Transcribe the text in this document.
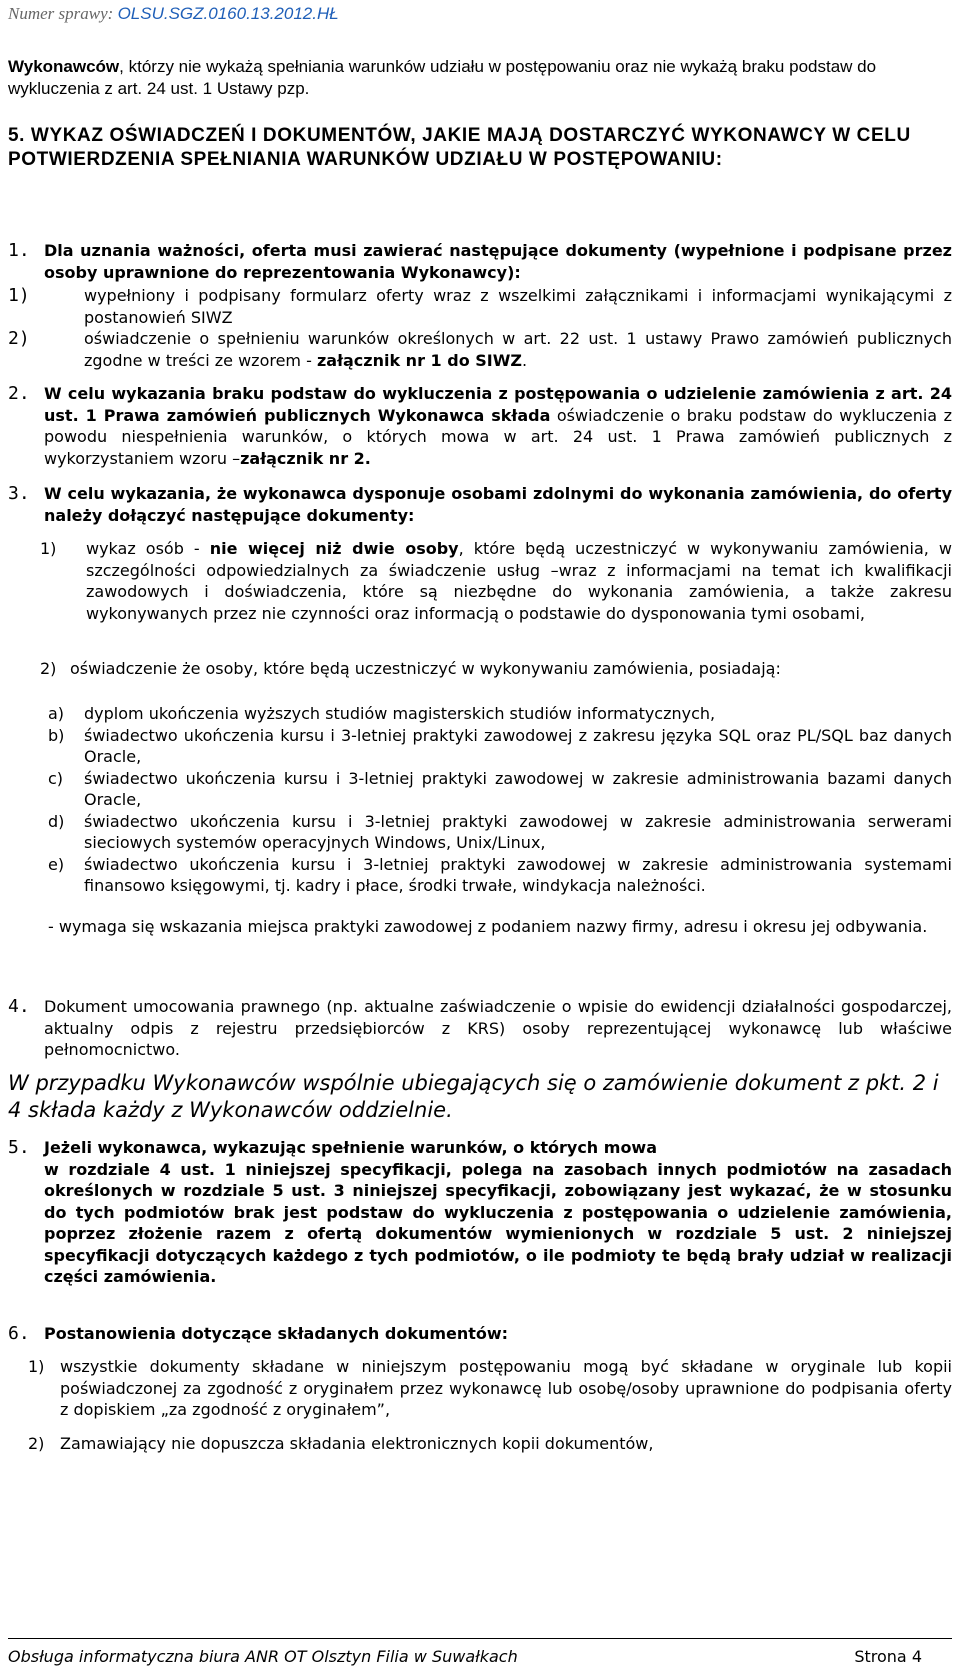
Numer sprawy: OLSU.SGZ.0160.13.2012.HŁ
Wykonawców, którzy nie wykażą spełniania warunków udziału w postępowaniu oraz nie wykażą braku podstaw do wykluczenia z art. 24 ust. 1 Ustawy pzp.
5. WYKAZ OŚWIADCZEŃ I DOKUMENTÓW, JAKIE MAJĄ DOSTARCZYĆ WYKONAWCY W CELU POTWIERDZENIA SPEŁNIANIA WARUNKÓW UDZIAŁU W POSTĘPOWANIU:
1. Dla uznania ważności, oferta musi zawierać następujące dokumenty (wypełnione i podpisane przez osoby uprawnione do reprezentowania Wykonawcy):
1)	wypełniony i podpisany formularz oferty wraz z wszelkimi załącznikami i informacjami wynikającymi z postanowień SIWZ
2)	oświadczenie o spełnieniu warunków określonych w art. 22 ust. 1 ustawy Prawo zamówień publicznych zgodne w treści ze wzorem - załącznik nr 1 do SIWZ.
2. W celu wykazania braku podstaw do wykluczenia z postępowania o udzielenie zamówienia z art. 24 ust. 1 Prawa zamówień publicznych Wykonawca składa oświadczenie o braku podstaw do wykluczenia z powodu niespełnienia warunków, o których mowa w art. 24 ust. 1 Prawa zamówień publicznych z wykorzystaniem wzoru –załącznik nr 2.
3. W celu wykazania, że wykonawca dysponuje osobami zdolnymi do wykonania zamówienia, do oferty należy dołączyć następujące dokumenty:
1) wykaz osób - nie więcej niż dwie osoby, które będą uczestniczyć w wykonywaniu zamówienia, w szczególności odpowiedzialnych za świadczenie usług –wraz z informacjami na temat ich kwalifikacji zawodowych i doświadczenia, które są niezbędne do wykonania zamówienia, a także zakresu wykonywanych przez nie czynności oraz informacją o podstawie do dysponowania tymi osobami,
2) oświadczenie że osoby, które będą uczestniczyć w wykonywaniu zamówienia, posiadają:
a) dyplom ukończenia wyższych studiów magisterskich studiów informatycznych,
b) świadectwo ukończenia kursu i 3-letniej praktyki zawodowej z zakresu języka SQL oraz PL/SQL baz danych Oracle,
c) świadectwo ukończenia kursu i 3-letniej praktyki zawodowej w zakresie administrowania bazami danych Oracle,
d) świadectwo ukończenia kursu i 3-letniej praktyki zawodowej w zakresie administrowania serwerami sieciowych systemów operacyjnych Windows, Unix/Linux,
e) świadectwo ukończenia kursu i 3-letniej praktyki zawodowej w zakresie administrowania systemami finansowo księgowymi, tj. kadry i płace, środki trwałe, windykacja należności.
- wymaga się wskazania miejsca praktyki zawodowej z podaniem nazwy firmy, adresu i okresu jej odbywania.
4. Dokument umocowania prawnego (np. aktualne zaświadczenie o wpisie do ewidencji działalności gospodarczej, aktualny odpis z rejestru przedsiębiorców z KRS) osoby reprezentującej wykonawcę lub właściwe pełnomocnictwo.
W przypadku Wykonawców wspólnie ubiegających się o zamówienie dokument z pkt. 2 i 4 składa każdy z Wykonawców oddzielnie.
5. Jeżeli wykonawca, wykazując spełnienie warunków, o których mowa
w rozdziale 4 ust. 1 niniejszej specyfikacji, polega na zasobach innych podmiotów na zasadach określonych w rozdziale 5 ust. 3 niniejszej specyfikacji, zobowiązany jest wykazać, że w stosunku do tych podmiotów brak jest podstaw do wykluczenia z postępowania o udzielenie zamówienia, poprzez złożenie razem z ofertą dokumentów wymienionych w rozdziale 5 ust. 2 niniejszej specyfikacji dotyczących każdego z tych podmiotów, o ile podmioty te będą brały udział w realizacji części zamówienia.
6. Postanowienia dotyczące składanych dokumentów:
1) wszystkie dokumenty składane w niniejszym postępowaniu mogą być składane w oryginale lub kopii poświadczonej za zgodność z oryginałem przez wykonawcę lub osobę/osoby uprawnione do podpisania oferty z dopiskiem „za zgodność z oryginałem”,
2) Zamawiający nie dopuszcza składania elektronicznych kopii dokumentów,
Obsługa informatyczna biura ANR OT Olsztyn Filia w Suwałkach	Strona 4
